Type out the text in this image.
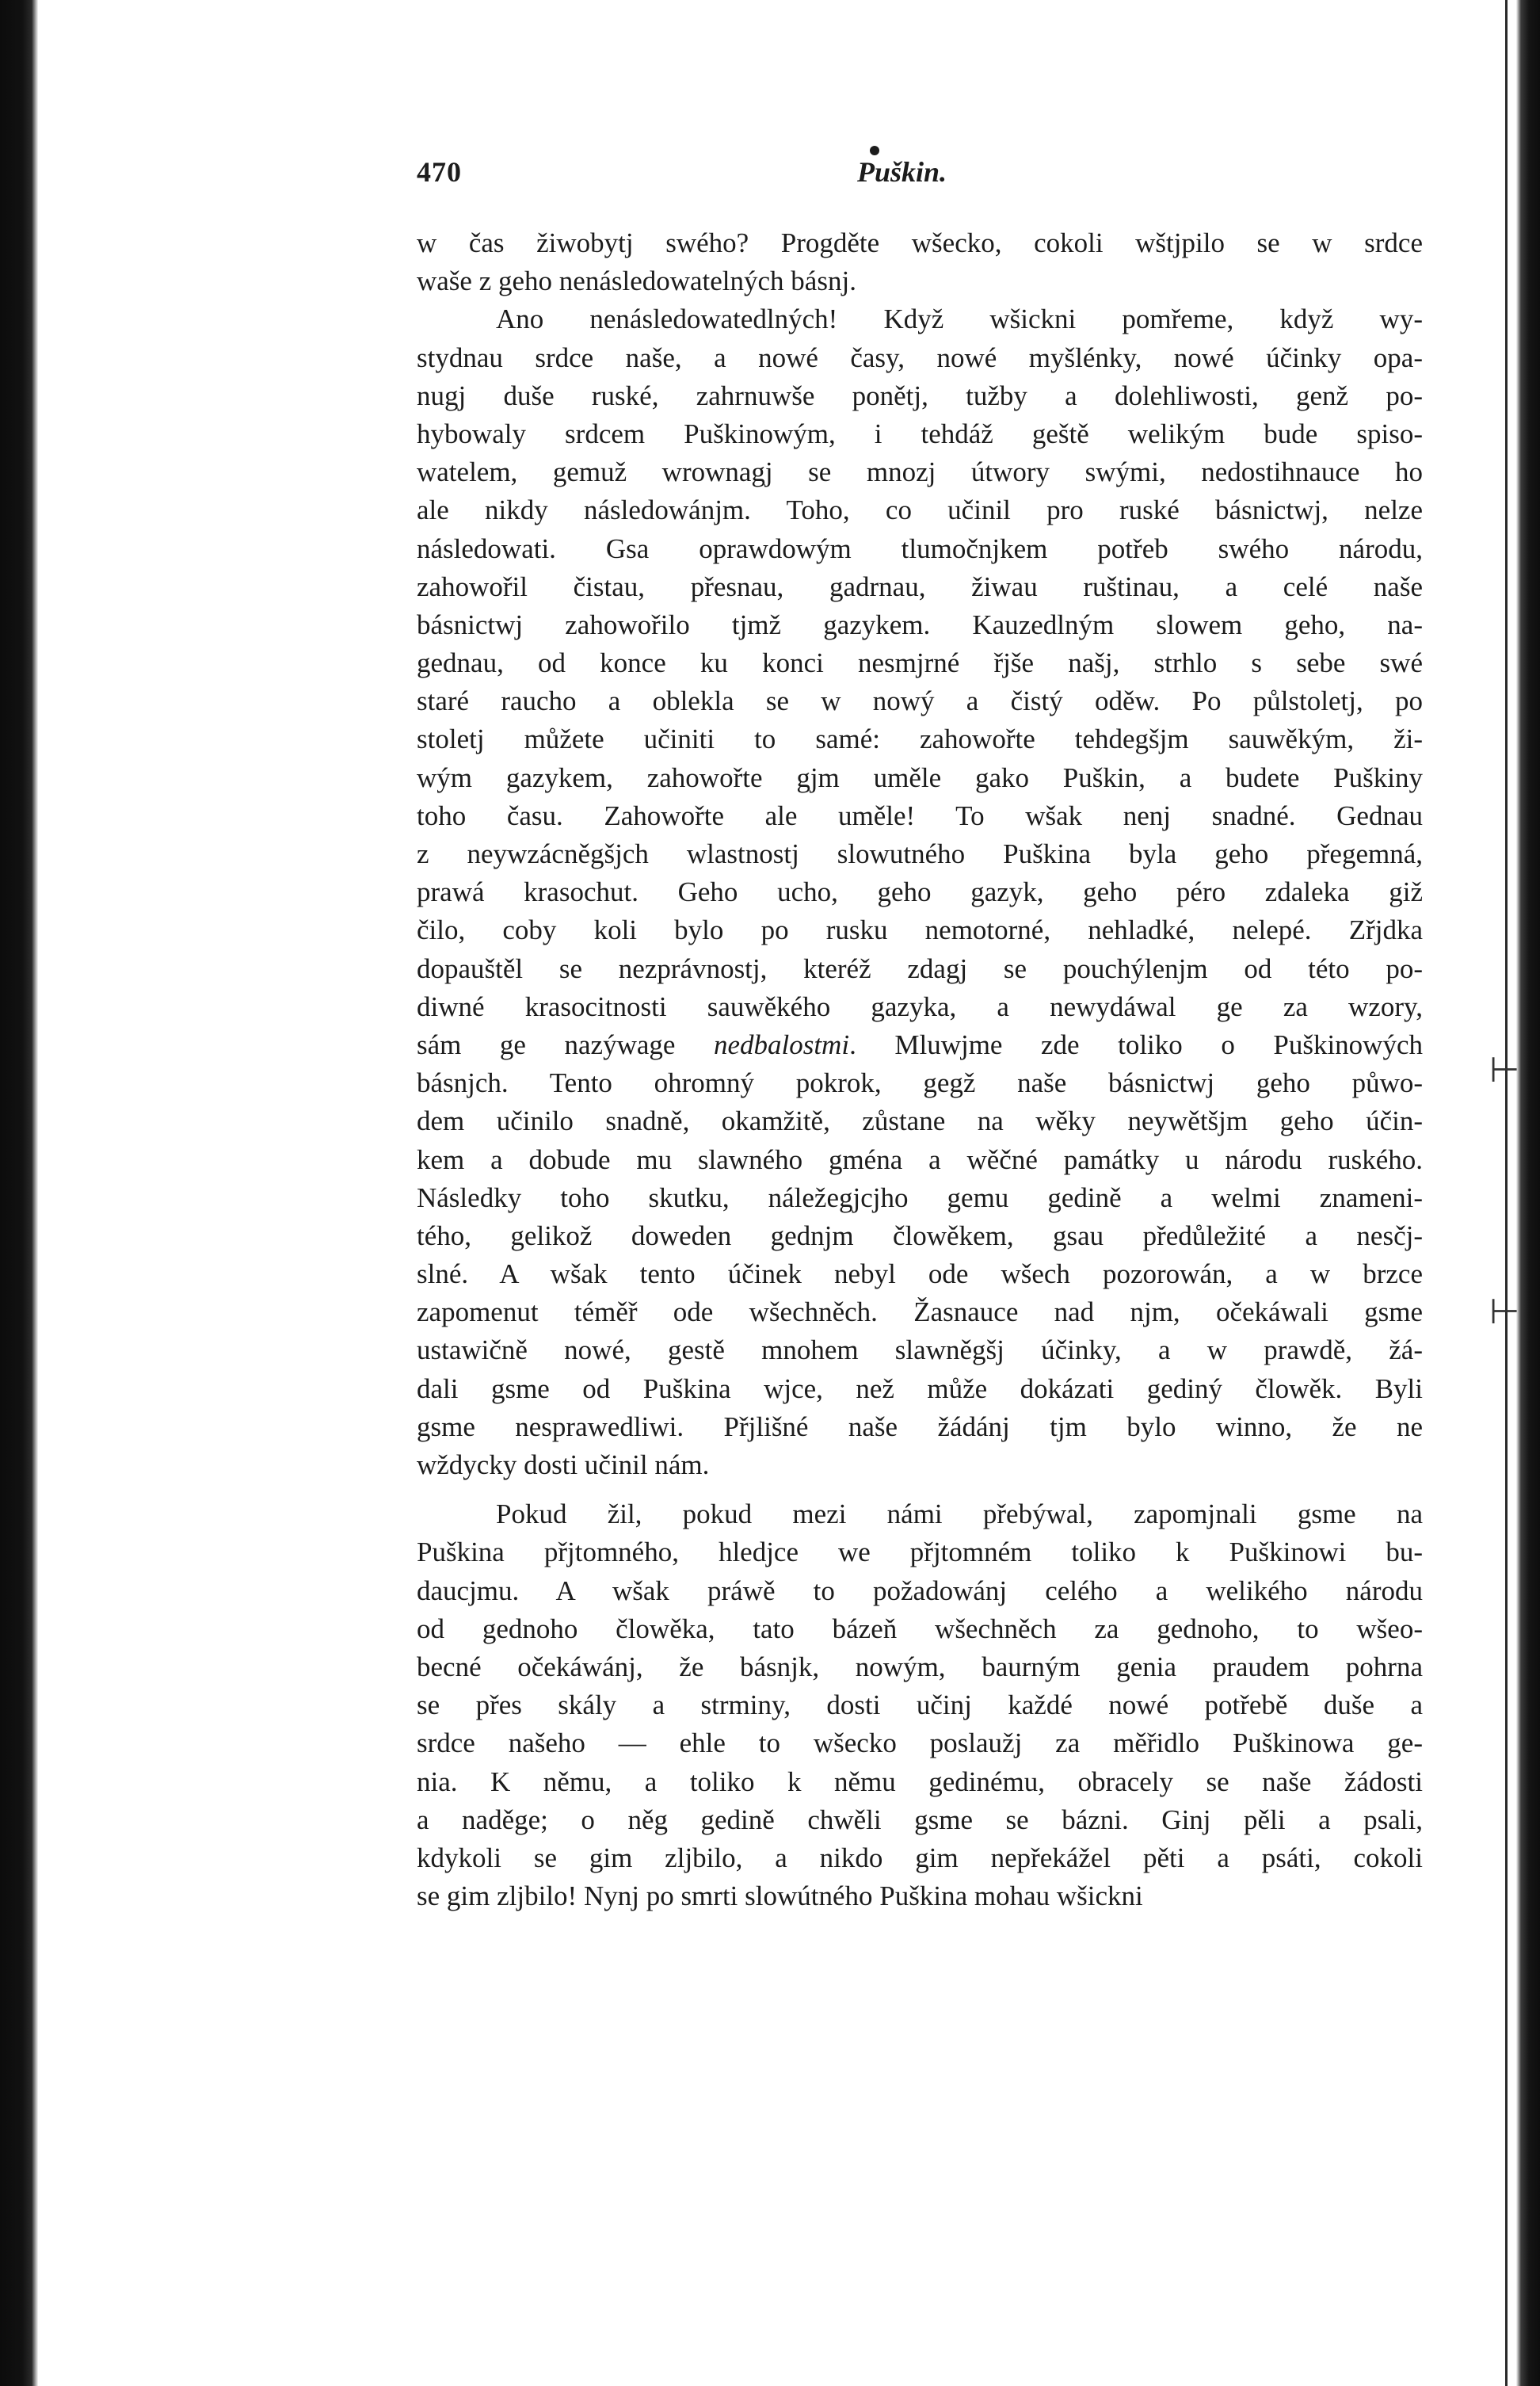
470	Puškin.
w čas žiwobytj swého? Progděte wšecko, cokoli wštjpilo se w srdce
waše z geho nenásledowatelných básnj.
Ano nenásledowatedlných! Když wšickni pomřeme, když wy-
stydnau srdce naše, a nowé časy, nowé myšlénky, nowé účinky opa-
nugj duše ruské, zahrnuwše ponětj, tužby a dolehliwosti, genž po-
hybowaly srdcem Puškinowým, i tehdáž geště welikým bude spiso-
watelem, gemuž wrownagj se mnozj útwory swými, nedostihnauce ho
ale nikdy následowánjm. Toho, co učinil pro ruské básnictwj, nelze
následowati. Gsa oprawdowým tlumočnjkem potřeb swého národu,
zahowořil čistau, přesnau, gadrnau, žiwau ruštinau, a celé naše
básnictwj zahowořilo tjmž gazykem. Kauzedlným slowem geho, na-
gednau, od konce ku konci nesmjrné řjše našj, strhlo s sebe swé
staré raucho a oblekla se w nowý a čistý oděw. Po půlstoletj, po
stoletj můžete učiniti to samé: zahowořte tehdegšjm sauwěkým, ži-
wým gazykem, zahowořte gjm uměle gako Puškin, a budete Puškiny
toho času. Zahowořte ale uměle! To wšak nenj snadné. Gednau
z neywzácněgšjch wlastnostj slowutného Puškina byla geho přegemná,
prawá krasochut. Geho ucho, geho gazyk, geho péro zdaleka giž
čilo, coby koli bylo po rusku nemotorné, nehladké, nelepé. Zřjdka
dopauštěl se nezprávnostj, kteréž zdagj se pouchýlenjm od této po-
diwné krasocitnosti sauwěkého gazyka, a newydáwal ge za wzory,
sám ge nazýwage nedbalostmi. Mluwjme zde toliko o Puškinowých
básnjch. Tento ohromný pokrok, gegž naše básnictwj geho půwo-
dem učinilo snadně, okamžitě, zůstane na wěky neywětšjm geho účin-
kem a dobude mu slawného gména a wěčné památky u národu ruského.
Následky toho skutku, náležegjcjho gemu gedině a welmi znameni-
tého, gelikož doweden gednjm člowěkem, gsau předůležité a nesčj-
slné. A wšak tento účinek nebyl ode wšech pozorowán, a w brzce
zapomenut téměř ode wšechněch. Žasnauce nad njm, očekáwali gsme
ustawičně nowé, gestě mnohem slawněgšj účinky, a w prawdě, žá-
dali gsme od Puškina wjce, než může dokázati gediný člowěk. Byli
gsme nesprawedliwi. Přjlišné naše žádánj tjm bylo winno, že ne
wždycky dosti učinil nám.
Pokud žil, pokud mezi námi přebýwal, zapomjnali gsme na
Puškina přjtomného, hledjce we přjtomném toliko k Puškinowi bu-
daucjmu. A wšak práwě to požadowánj celého a welikého národu
od gednoho člowěka, tato bázeň wšechněch za gednoho, to wšeo-
becné očekáwánj, že básnjk, nowým, baurným genia praudem pohrna
se přes skály a strminy, dosti učinj každé nowé potřebě duše a
srdce našeho — ehle to wšecko poslaužj za měřidlo Puškinowa ge-
nia. K němu, a toliko k němu gedinému, obracely se naše žádosti
a naděge; o něg gedině chwěli gsme se bázni. Ginj pěli a psali,
kdykoli se gim zljbilo, a nikdo gim nepřekážel pěti a psáti, cokoli
se gim zljbilo! Nynj po smrti slowútného Puškina mohau wšickni
⊢
⊢
